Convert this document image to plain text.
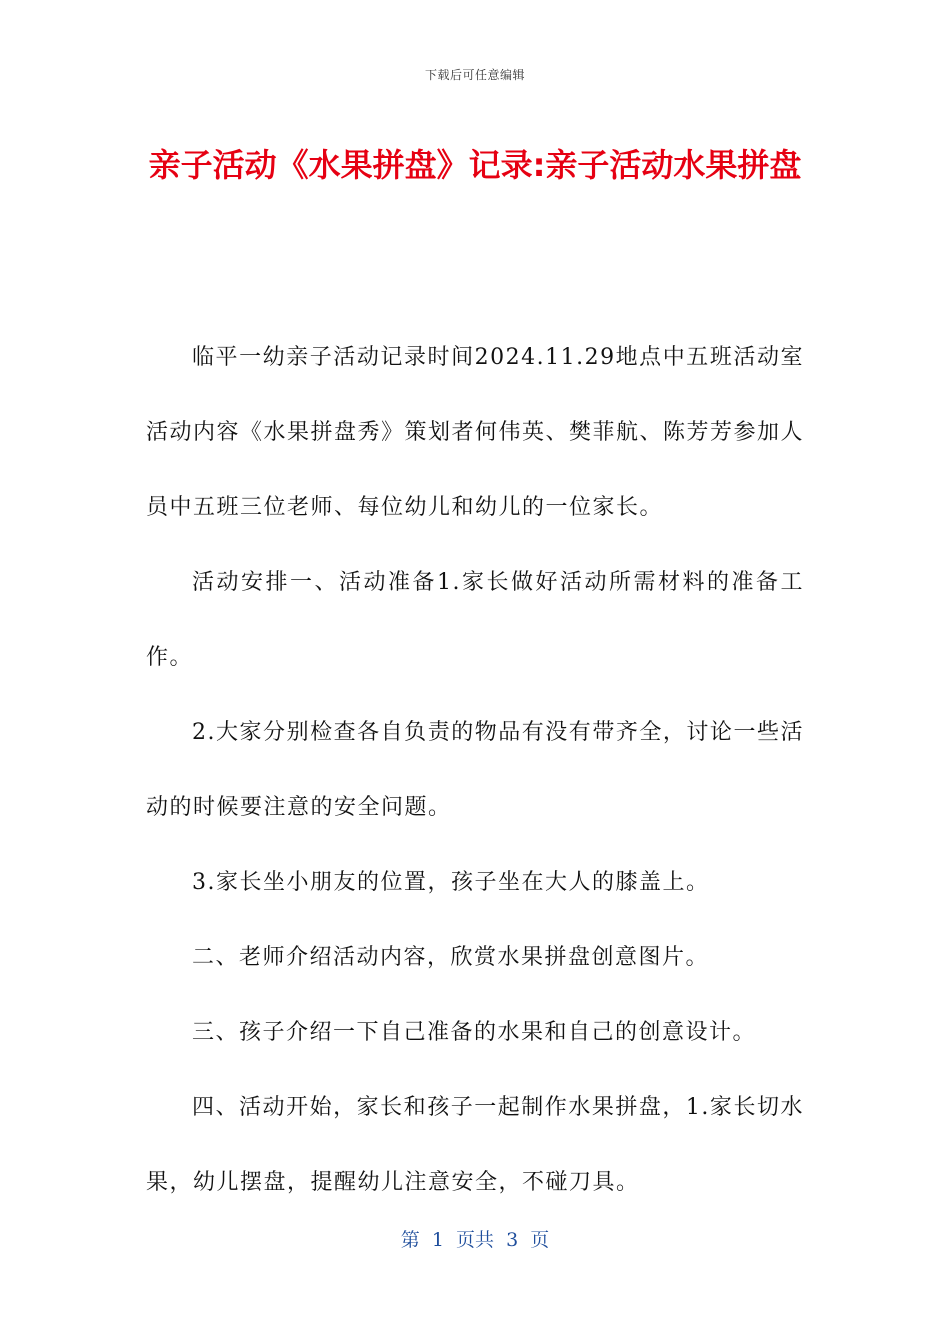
下载后可任意编辑
亲子活动《水果拼盘》记录:亲子活动水果拼盘

临平一幼亲子活动记录时间2024.11.29地点中五班活动室活动内容《水果拼盘秀》策划者何伟英、樊菲航、陈芳芳参加人员中五班三位老师、每位幼儿和幼儿的一位家长。

活动安排一、活动准备1.家长做好活动所需材料的准备工作。

2.大家分别检查各自负责的物品有没有带齐全，讨论一些活动的时候要注意的安全问题。

3.家长坐小朋友的位置，孩子坐在大人的膝盖上。

二、老师介绍活动内容，欣赏水果拼盘创意图片。

三、孩子介绍一下自己准备的水果和自己的创意设计。

四、活动开始，家长和孩子一起制作水果拼盘，1.家长切水果，幼儿摆盘，提醒幼儿注意安全，不碰刀具。

第  1  页共  3  页
